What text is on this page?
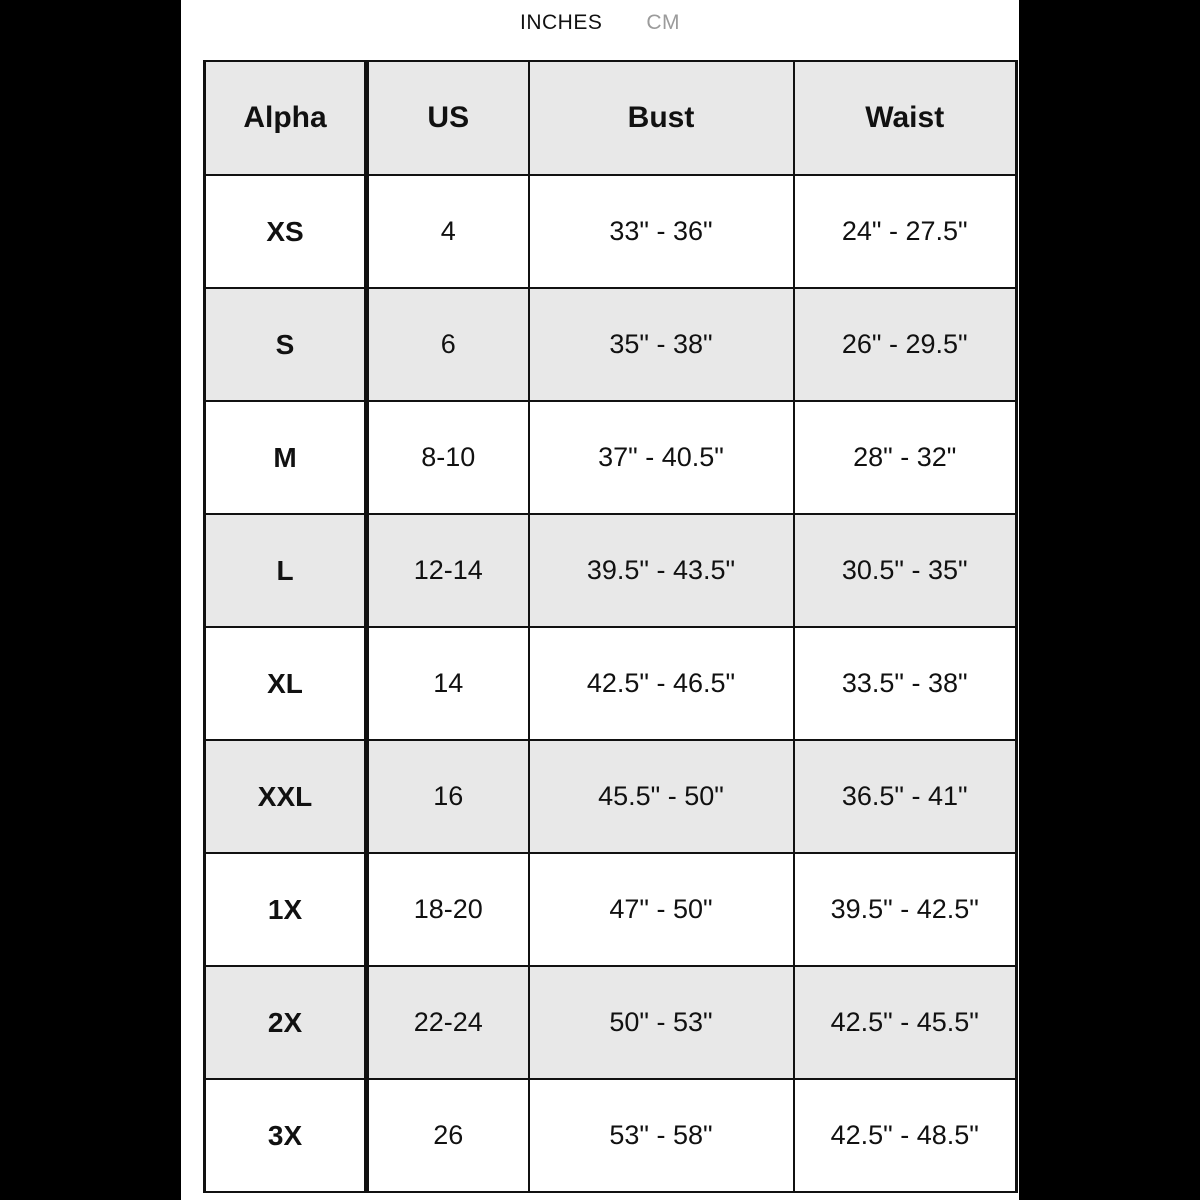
INCHES CM
Alpha	US	Bust	Waist
XS	4	33" - 36"	24" - 27.5"
S	6	35" - 38"	26" - 29.5"
M	8-10	37" - 40.5"	28" - 32"
L	12-14	39.5" - 43.5"	30.5" - 35"
XL	14	42.5" - 46.5"	33.5" - 38"
XXL	16	45.5" - 50"	36.5" - 41"
1X	18-20	47" - 50"	39.5" - 42.5"
2X	22-24	50" - 53"	42.5" - 45.5"
3X	26	53" - 58"	42.5" - 48.5"
